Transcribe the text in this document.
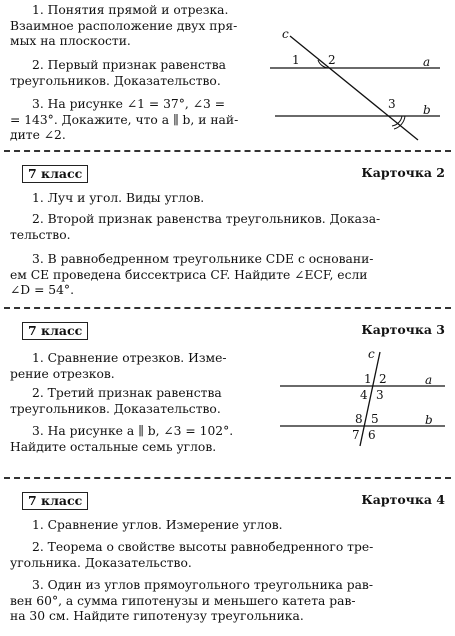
1. Понятия прямой и отрезка.
Взаимное расположение двух пря-
мых на плоскости.
2. Первый признак равенства
треугольников. Доказательство.
3. На рисунке ∠1 = 37°, ∠3 =
= 143°. Докажите, что a ∥ b, и най-
дите ∠2.
c
a
b
1 2
3
7 класс	Карточка 2
1. Луч и угол. Виды углов.
2. Второй признак равенства треугольников. Доказа-
тельство.
3. В равнобедренном треугольнике CDE с основани-
ем CE проведена биссектриса CF. Найдите ∠ECF, если
∠D = 54°.
7 класс	Карточка 3
1. Сравнение отрезков. Изме-
рение отрезков.
2. Третий признак равенства
треугольников. Доказательство.
3. На рисунке a ∥ b, ∠3 = 102°.
Найдите остальные семь углов.
c
a
b
1 2
4 3
8 5
7 6
7 класс	Карточка 4
1. Сравнение углов. Измерение углов.
2. Теорема о свойстве высоты равнобедренного тре-
угольника. Доказательство.
3. Один из углов прямоугольного треугольника рав-
вен 60°, а сумма гипотенузы и меньшего катета рав-
на 30 см. Найдите гипотенузу треугольника.
